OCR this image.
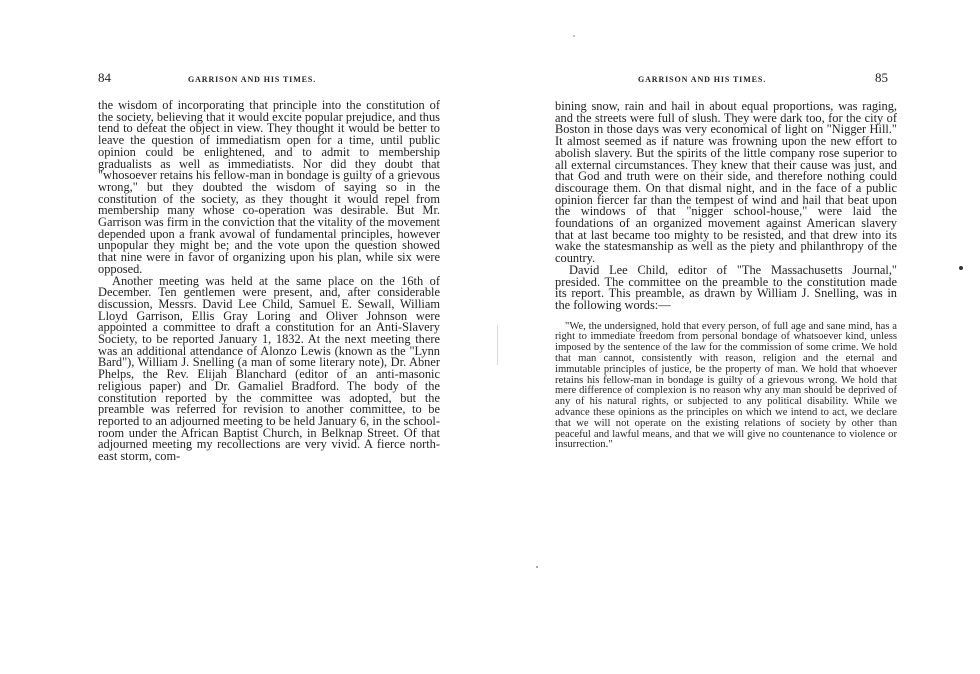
84	GARRISON AND HIS TIMES.

the wisdom of incorporating that principle into the constitution of the society, believing that it would excite popular prejudice, and thus tend to defeat the object in view. They thought it would be better to leave the question of immediatism open for a time, until public opinion could be enlightened, and to admit to membership gradualists as well as immediatists. Nor did they doubt that "whosoever retains his fellow-man in bondage is guilty of a grievous wrong," but they doubted the wisdom of saying so in the constitution of the society, as they thought it would repel from membership many whose co-operation was desirable. But Mr. Garrison was firm in the conviction that the vitality of the movement depended upon a frank avowal of fundamental principles, however unpopular they might be; and the vote upon the question showed that nine were in favor of organizing upon his plan, while six were opposed.

Another meeting was held at the same place on the 16th of December. Ten gentlemen were present, and, after considerable discussion, Messrs. David Lee Child, Samuel E. Sewall, William Lloyd Garrison, Ellis Gray Loring and Oliver Johnson were appointed a committee to draft a constitution for an Anti-Slavery Society, to be reported January 1, 1832. At the next meeting there was an additional attendance of Alonzo Lewis (known as the "Lynn Bard"), William J. Snelling (a man of some literary note), Dr. Abner Phelps, the Rev. Elijah Blanchard (editor of an anti-masonic religious paper) and Dr. Gamaliel Bradford. The body of the constitution reported by the committee was adopted, but the preamble was referred for revision to another committee, to be reported to an adjourned meeting to be held January 6, in the school-room under the African Baptist Church, in Belknap Street. Of that adjourned meeting my recollections are very vivid. A fierce north-east storm, com-

GARRISON AND HIS TIMES.	85

bining snow, rain and hail in about equal proportions, was raging, and the streets were full of slush. They were dark too, for the city of Boston in those days was very economical of light on "Nigger Hill." It almost seemed as if nature was frowning upon the new effort to abolish slavery. But the spirits of the little company rose superior to all external circumstances. They knew that their cause was just, and that God and truth were on their side, and therefore nothing could discourage them. On that dismal night, and in the face of a public opinion fiercer far than the tempest of wind and hail that beat upon the windows of that "nigger school-house," were laid the foundations of an organized movement against American slavery that at last became too mighty to be resisted, and that drew into its wake the statesmanship as well as the piety and philanthropy of the country.

David Lee Child, editor of "The Massachusetts Journal," presided. The committee on the preamble to the constitution made its report. This preamble, as drawn by William J. Snelling, was in the following words:—

"We, the undersigned, hold that every person, of full age and sane mind, has a right to immediate freedom from personal bondage of whatsoever kind, unless imposed by the sentence of the law for the commission of some crime. We hold that man cannot, consistently with reason, religion and the eternal and immutable principles of justice, be the property of man. We hold that whoever retains his fellow-man in bondage is guilty of a grievous wrong. We hold that mere difference of complexion is no reason why any man should be deprived of any of his natural rights, or subjected to any political disability. While we advance these opinions as the principles on which we intend to act, we declare that we will not operate on the existing relations of society by other than peaceful and lawful means, and that we will give no countenance to violence or insurrection."
